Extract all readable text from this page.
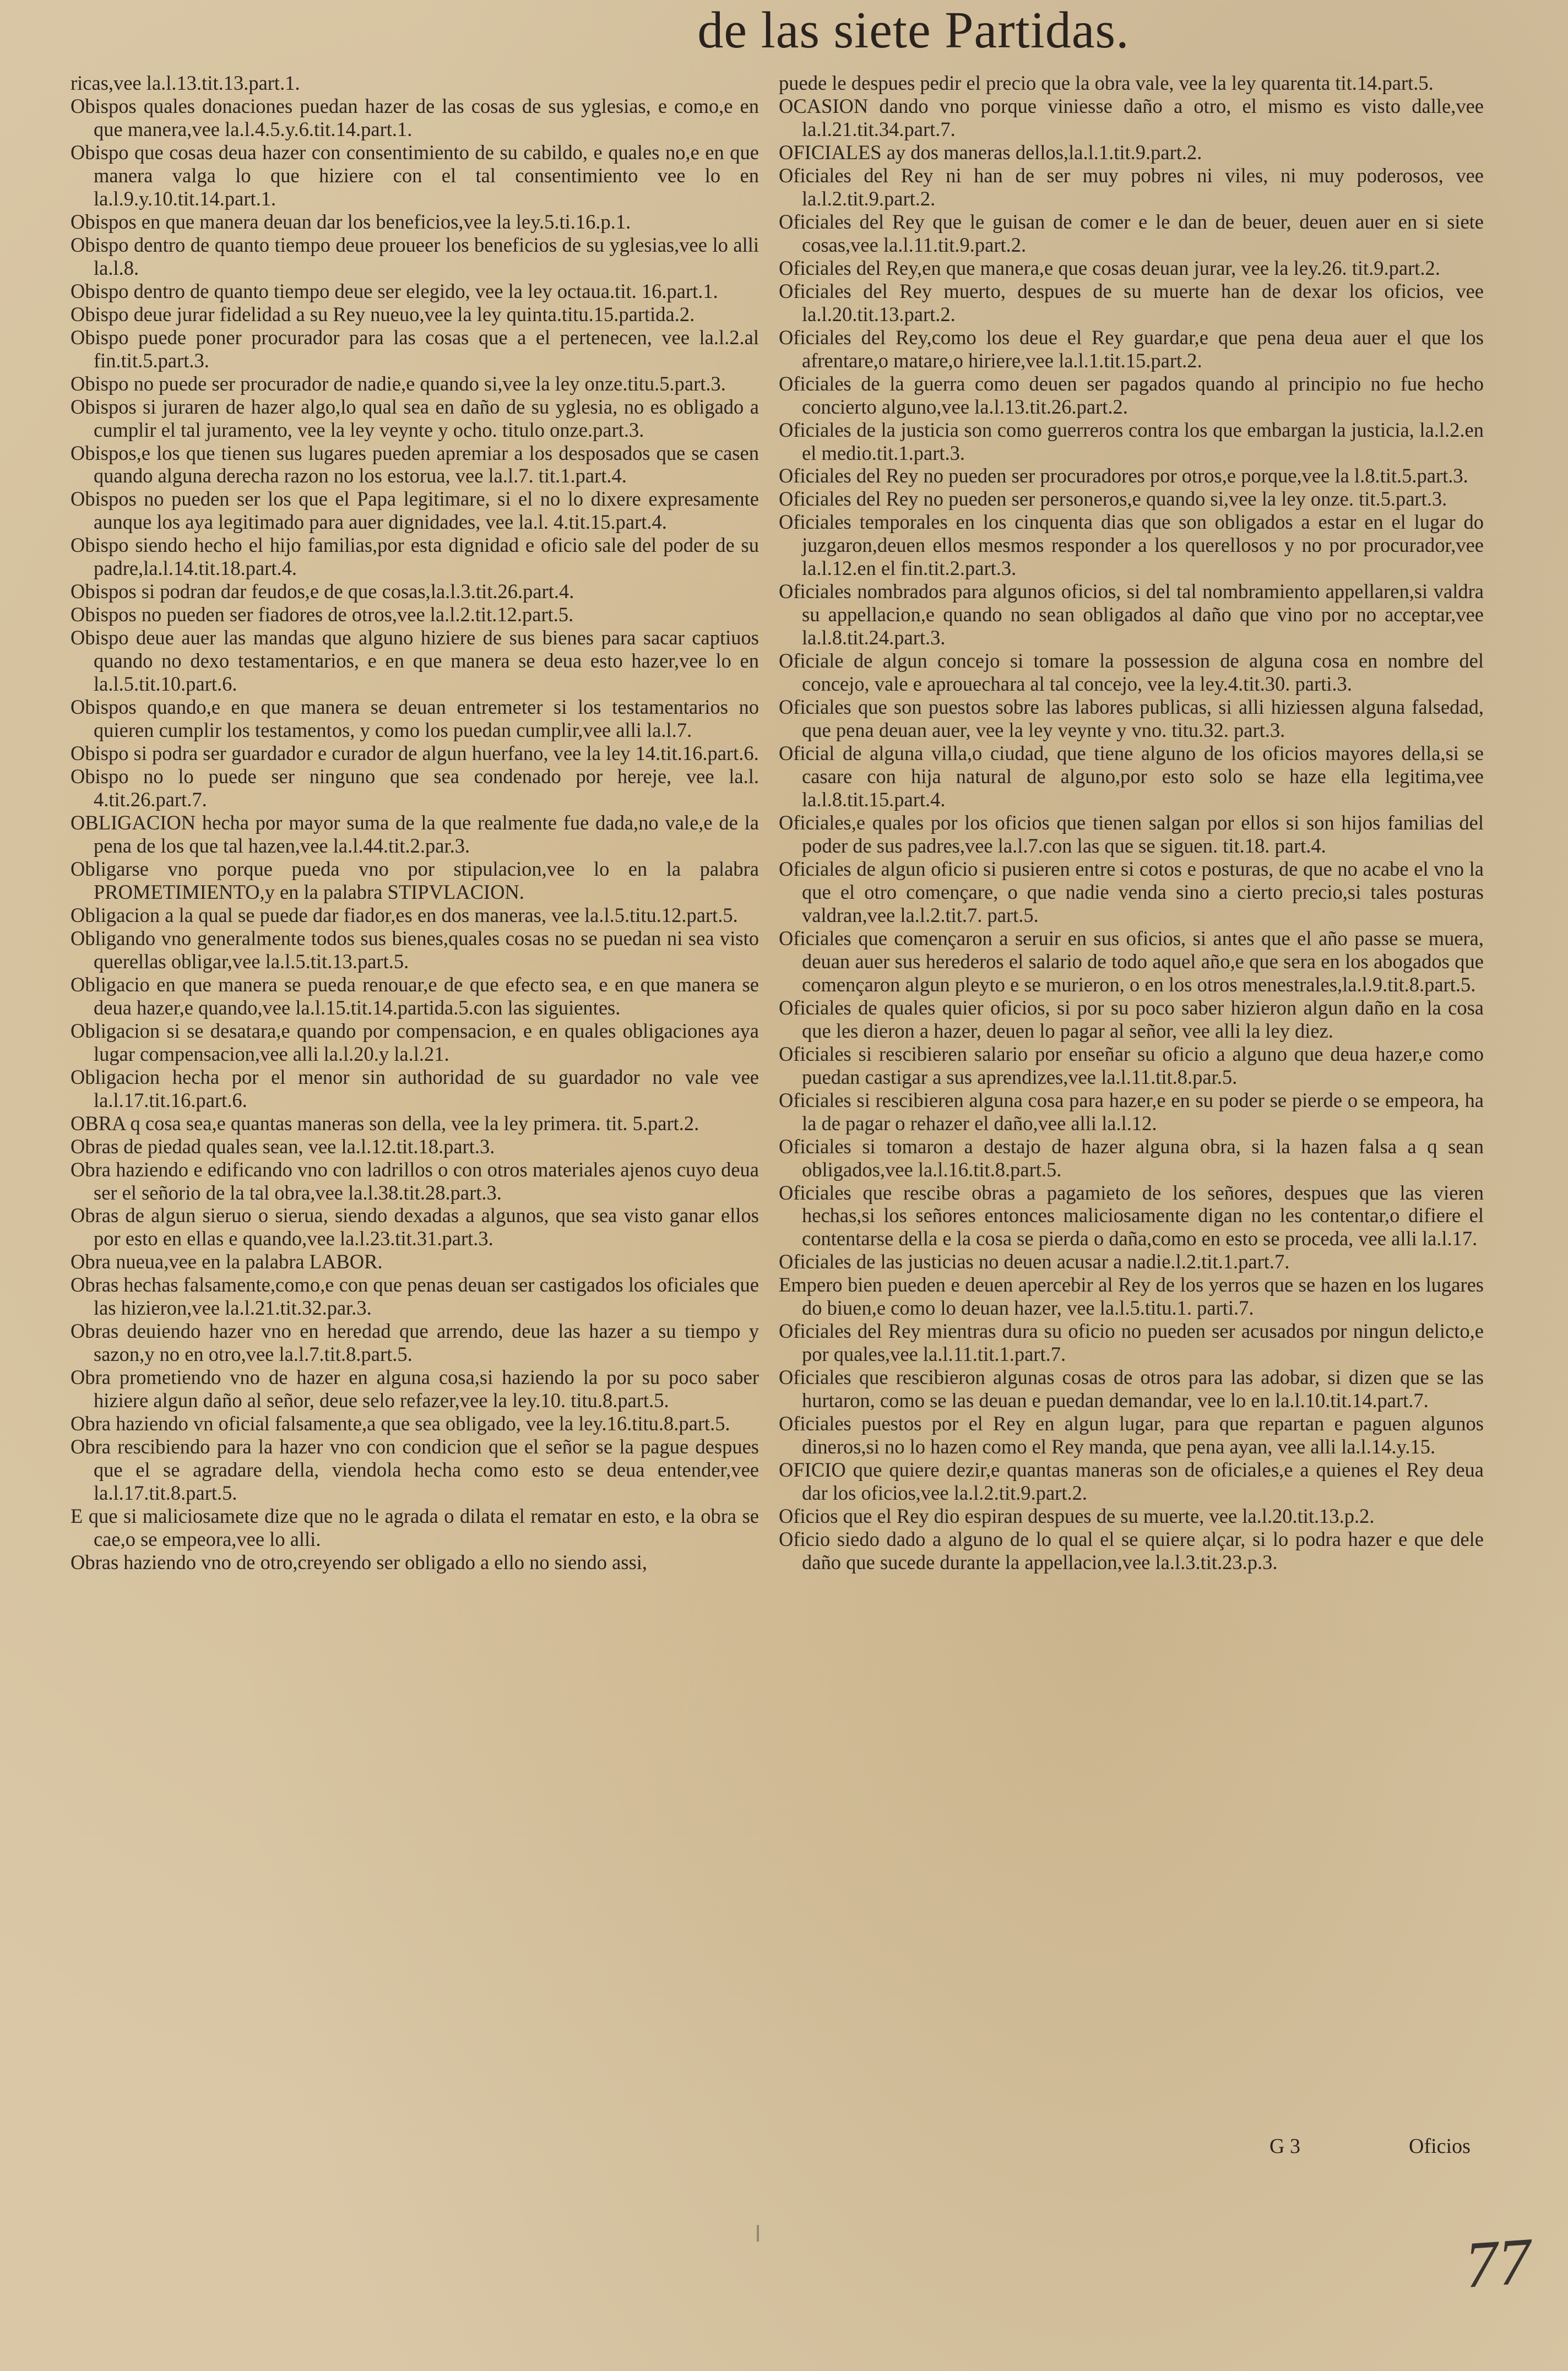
de las siete Partidas.

ricas,vee la.l.13.tit.13.part.1.

Obispos quales donaciones puedan hazer de las cosas de sus yglesias, e como,e en que manera,vee la.l.4.5.y.6.tit.14.part.1.

Obispo que cosas deua hazer con consentimiento de su cabildo, e quales no,e en que manera valga lo que hiziere con el tal consentimiento vee lo en la.l.9.y.10.tit.14.part.1.

Obispos en que manera deuan dar los beneficios,vee la ley.5.ti.16.p.1.

Obispo dentro de quanto tiempo deue proueer los beneficios de su yglesias,vee lo alli la.l.8.

Obispo dentro de quanto tiempo deue ser elegido, vee la ley octaua.tit. 16.part.1.

Obispo deue jurar fidelidad a su Rey nueuo,vee la ley quinta.titu.15.partida.2.

Obispo puede poner procurador para las cosas que a el pertenecen, vee la.l.2.al fin.tit.5.part.3.

Obispo no puede ser procurador de nadie,e quando si,vee la ley onze.titu.5.part.3.

Obispos si juraren de hazer algo,lo qual sea en daño de su yglesia, no es obligado a cumplir el tal juramento, vee la ley veynte y ocho. titulo onze.part.3.

Obispos,e los que tienen sus lugares pueden apremiar a los desposados que se casen quando alguna derecha razon no los estorua, vee la.l.7. tit.1.part.4.

Obispos no pueden ser los que el Papa legitimare, si el no lo dixere expresamente aunque los aya legitimado para auer dignidades, vee la.l. 4.tit.15.part.4.

Obispo siendo hecho el hijo familias,por esta dignidad e oficio sale del poder de su padre,la.l.14.tit.18.part.4.

Obispos si podran dar feudos,e de que cosas,la.l.3.tit.26.part.4.

Obispos no pueden ser fiadores de otros,vee la.l.2.tit.12.part.5.

Obispo deue auer las mandas que alguno hiziere de sus bienes para sacar captiuos quando no dexo testamentarios, e en que manera se deua esto hazer,vee lo en la.l.5.tit.10.part.6.

Obispos quando,e en que manera se deuan entremeter si los testamentarios no quieren cumplir los testamentos, y como los puedan cumplir,vee alli la.l.7.

Obispo si podra ser guardador e curador de algun huerfano, vee la ley 14.tit.16.part.6.

Obispo no lo puede ser ninguno que sea condenado por hereje, vee la.l. 4.tit.26.part.7.

OBLIGACION hecha por mayor suma de la que realmente fue dada,no vale,e de la pena de los que tal hazen,vee la.l.44.tit.2.par.3.

Obligarse vno porque pueda vno por stipulacion,vee lo en la palabra PROMETIMIENTO,y en la palabra STIPVLACION.

Obligacion a la qual se puede dar fiador,es en dos maneras, vee la.l.5.titu.12.part.5.

Obligando vno generalmente todos sus bienes,quales cosas no se puedan ni sea visto querellas obligar,vee la.l.5.tit.13.part.5.

Obligacio en que manera se pueda renouar,e de que efecto sea, e en que manera se deua hazer,e quando,vee la.l.15.tit.14.partida.5.con las siguientes.

Obligacion si se desatara,e quando por compensacion, e en quales obligaciones aya lugar compensacion,vee alli la.l.20.y la.l.21.

Obligacion hecha por el menor sin authoridad de su guardador no vale vee la.l.17.tit.16.part.6.

OBRA q cosa sea,e quantas maneras son della, vee la ley primera. tit. 5.part.2.

Obras de piedad quales sean, vee la.l.12.tit.18.part.3.

Obra haziendo e edificando vno con ladrillos o con otros materiales ajenos cuyo deua ser el señorio de la tal obra,vee la.l.38.tit.28.part.3.

Obras de algun sieruo o sierua, siendo dexadas a algunos, que sea visto ganar ellos por esto en ellas e quando,vee la.l.23.tit.31.part.3.

Obra nueua,vee en la palabra LABOR.

Obras hechas falsamente,como,e con que penas deuan ser castigados los oficiales que las hizieron,vee la.l.21.tit.32.par.3.

Obras deuiendo hazer vno en heredad que arrendo, deue las hazer a su tiempo y sazon,y no en otro,vee la.l.7.tit.8.part.5.

Obra prometiendo vno de hazer en alguna cosa,si haziendo la por su poco saber hiziere algun daño al señor, deue selo refazer,vee la ley.10. titu.8.part.5.

Obra haziendo vn oficial falsamente,a que sea obligado, vee la ley.16.titu.8.part.5.

Obra rescibiendo para la hazer vno con condicion que el señor se la pague despues que el se agradare della, viendola hecha como esto se deua entender,vee la.l.17.tit.8.part.5.

E que si maliciosamete dize que no le agrada o dilata el rematar en esto, e la obra se cae,o se empeora,vee lo alli.

Obras haziendo vno de otro,creyendo ser obligado a ello no siendo assi,

puede le despues pedir el precio que la obra vale, vee la ley quarenta tit.14.part.5.

OCASION dando vno porque viniesse daño a otro, el mismo es visto dalle,vee la.l.21.tit.34.part.7.

OFICIALES ay dos maneras dellos,la.l.1.tit.9.part.2.

Oficiales del Rey ni han de ser muy pobres ni viles, ni muy poderosos, vee la.l.2.tit.9.part.2.

Oficiales del Rey que le guisan de comer e le dan de beuer, deuen auer en si siete cosas,vee la.l.11.tit.9.part.2.

Oficiales del Rey,en que manera,e que cosas deuan jurar, vee la ley.26. tit.9.part.2.

Oficiales del Rey muerto, despues de su muerte han de dexar los oficios, vee la.l.20.tit.13.part.2.

Oficiales del Rey,como los deue el Rey guardar,e que pena deua auer el que los afrentare,o matare,o hiriere,vee la.l.1.tit.15.part.2.

Oficiales de la guerra como deuen ser pagados quando al principio no fue hecho concierto alguno,vee la.l.13.tit.26.part.2.

Oficiales de la justicia son como guerreros contra los que embargan la justicia, la.l.2.en el medio.tit.1.part.3.

Oficiales del Rey no pueden ser procuradores por otros,e porque,vee la l.8.tit.5.part.3.

Oficiales del Rey no pueden ser personeros,e quando si,vee la ley onze. tit.5.part.3.

Oficiales temporales en los cinquenta dias que son obligados a estar en el lugar do juzgaron,deuen ellos mesmos responder a los querellosos y no por procurador,vee la.l.12.en el fin.tit.2.part.3.

Oficiales nombrados para algunos oficios, si del tal nombramiento appellaren,si valdra su appellacion,e quando no sean obligados al daño que vino por no acceptar,vee la.l.8.tit.24.part.3.

Oficiale de algun concejo si tomare la possession de alguna cosa en nombre del concejo, vale e aprouechara al tal concejo, vee la ley.4.tit.30. parti.3.

Oficiales que son puestos sobre las labores publicas, si alli hiziessen alguna falsedad, que pena deuan auer, vee la ley veynte y vno. titu.32. part.3.

Oficial de alguna villa,o ciudad, que tiene alguno de los oficios mayores della,si se casare con hija natural de alguno,por esto solo se haze ella legitima,vee la.l.8.tit.15.part.4.

Oficiales,e quales por los oficios que tienen salgan por ellos si son hijos familias del poder de sus padres,vee la.l.7.con las que se siguen. tit.18. part.4.

Oficiales de algun oficio si pusieren entre si cotos e posturas, de que no acabe el vno la que el otro començare, o que nadie venda sino a cierto precio,si tales posturas valdran,vee la.l.2.tit.7. part.5.

Oficiales que començaron a seruir en sus oficios, si antes que el año passe se muera, deuan auer sus herederos el salario de todo aquel año,e que sera en los abogados que començaron algun pleyto e se murieron, o en los otros menestrales,la.l.9.tit.8.part.5.

Oficiales de quales quier oficios, si por su poco saber hizieron algun daño en la cosa que les dieron a hazer, deuen lo pagar al señor, vee alli la ley diez.

Oficiales si rescibieren salario por enseñar su oficio a alguno que deua hazer,e como puedan castigar a sus aprendizes,vee la.l.11.tit.8.par.5.

Oficiales si rescibieren alguna cosa para hazer,e en su poder se pierde o se empeora, ha la de pagar o rehazer el daño,vee alli la.l.12.

Oficiales si tomaron a destajo de hazer alguna obra, si la hazen falsa a q sean obligados,vee la.l.16.tit.8.part.5.

Oficiales que rescibe obras a pagamieto de los señores, despues que las vieren hechas,si los señores entonces maliciosamente digan no les contentar,o difiere el contentarse della e la cosa se pierda o daña,como en esto se proceda, vee alli la.l.17.

Oficiales de las justicias no deuen acusar a nadie.l.2.tit.1.part.7.

Empero bien pueden e deuen apercebir al Rey de los yerros que se hazen en los lugares do biuen,e como lo deuan hazer, vee la.l.5.titu.1. parti.7.

Oficiales del Rey mientras dura su oficio no pueden ser acusados por ningun delicto,e por quales,vee la.l.11.tit.1.part.7.

Oficiales que rescibieron algunas cosas de otros para las adobar, si dizen que se las hurtaron, como se las deuan e puedan demandar, vee lo en la.l.10.tit.14.part.7.

Oficiales puestos por el Rey en algun lugar, para que repartan e paguen algunos dineros,si no lo hazen como el Rey manda, que pena ayan, vee alli la.l.14.y.15.

OFICIO que quiere dezir,e quantas maneras son de oficiales,e a quienes el Rey deua dar los oficios,vee la.l.2.tit.9.part.2.

Oficios que el Rey dio espiran despues de su muerte, vee la.l.20.tit.13.p.2.

Oficio siedo dado a alguno de lo qual el se quiere alçar, si lo podra hazer e que dele daño que sucede durante la appellacion,vee la.l.3.tit.23.p.3.

G 3	Oficios
77
